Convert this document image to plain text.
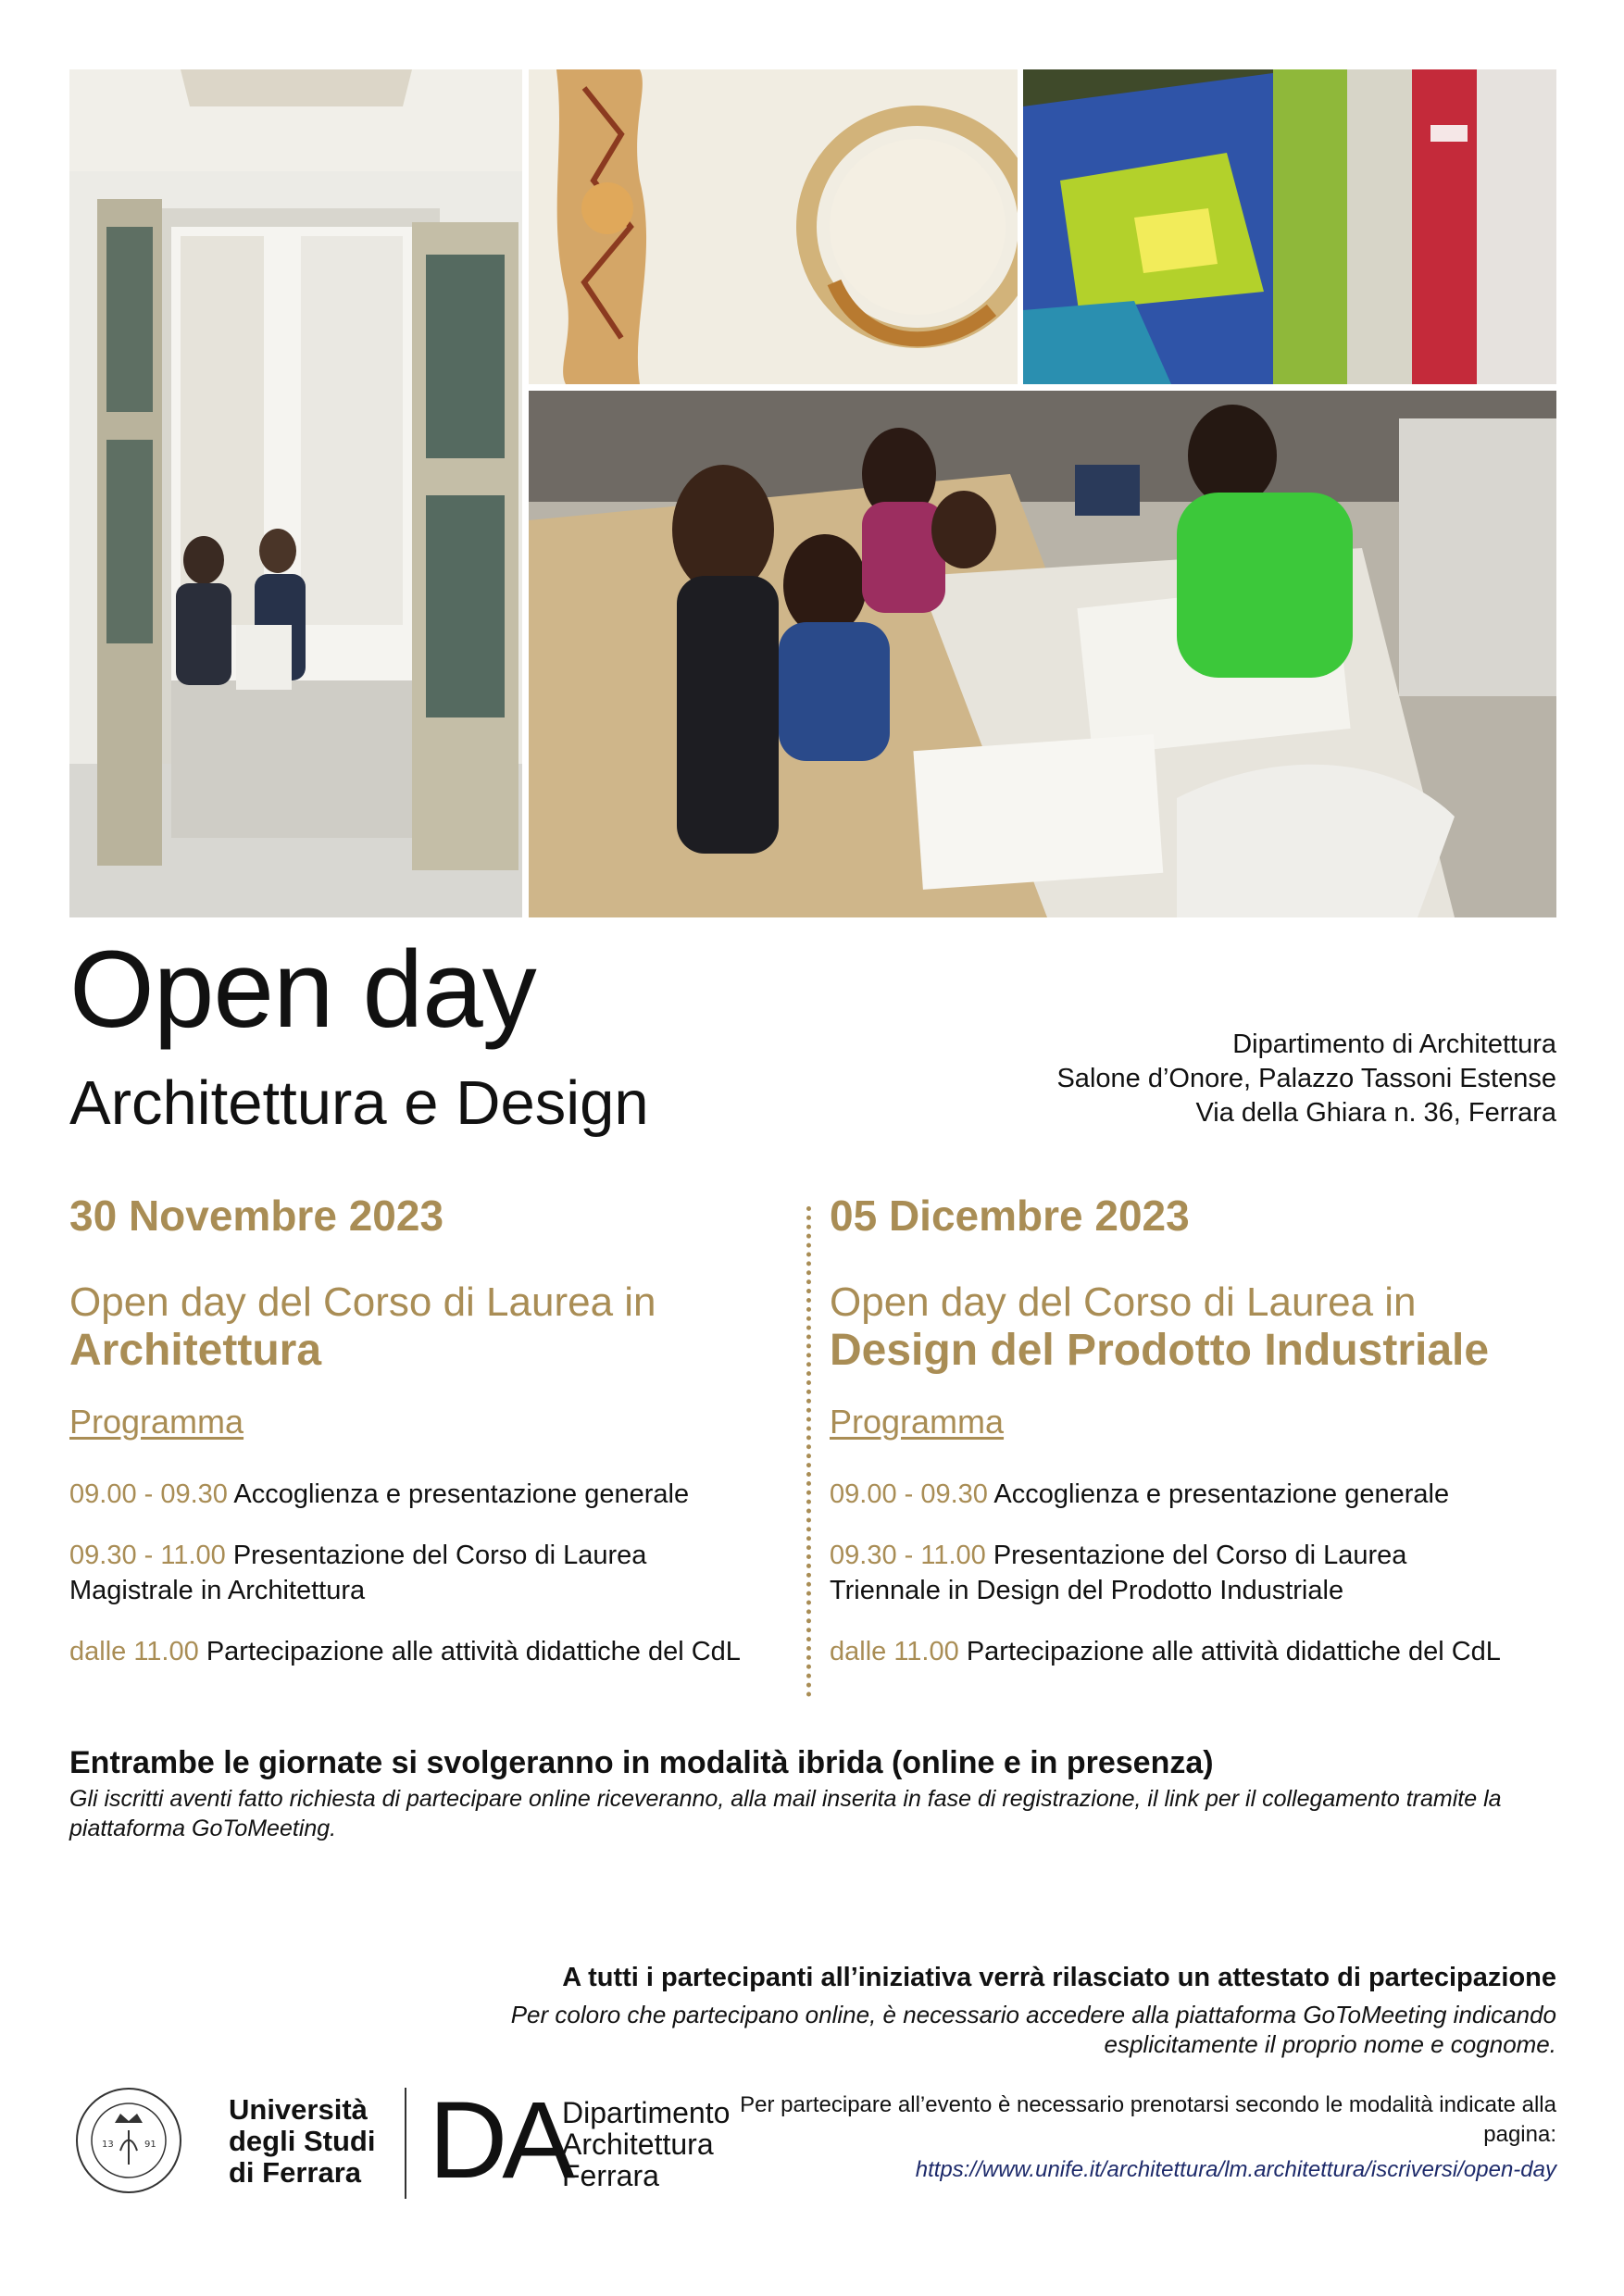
Open day
Architettura e Design
Dipartimento di Architettura
Salone d’Onore, Palazzo Tassoni Estense
Via della Ghiara n. 36, Ferrara
30 Novembre 2023
Open day del Corso di Laurea in
Architettura
Programma
09.00 - 09.30 Accoglienza e presentazione generale
09.30 - 11.00 Presentazione del Corso di Laurea Magistrale in Architettura
dalle 11.00 Partecipazione alle attività didattiche del CdL
05 Dicembre 2023
Open day del Corso di Laurea in
Design del Prodotto Industriale
Programma
09.00 - 09.30 Accoglienza e presentazione generale
09.30 - 11.00 Presentazione del Corso di Laurea Triennale in Design del Prodotto Industriale
dalle 11.00 Partecipazione alle attività didattiche del CdL
Entrambe le giornate si svolgeranno in modalità ibrida (online e in presenza)
Gli iscritti aventi fatto richiesta di partecipare online riceveranno, alla mail inserita in fase di registrazione, il link per il collegamento tramite la piattaforma GoToMeeting.
A tutti i partecipanti all’iniziativa verrà rilasciato un attestato di partecipazione
Per coloro che partecipano online, è necessario accedere alla piattaforma GoToMeeting indicando esplicitamente il proprio nome e cognome.
13	91
Università
degli Studi
di Ferrara DA
Dipartimento
Architettura
Ferrara
Per partecipare all’evento è necessario prenotarsi secondo le modalità indicate alla pagina:
https://www.unife.it/architettura/lm.architettura/iscriversi/open-day
